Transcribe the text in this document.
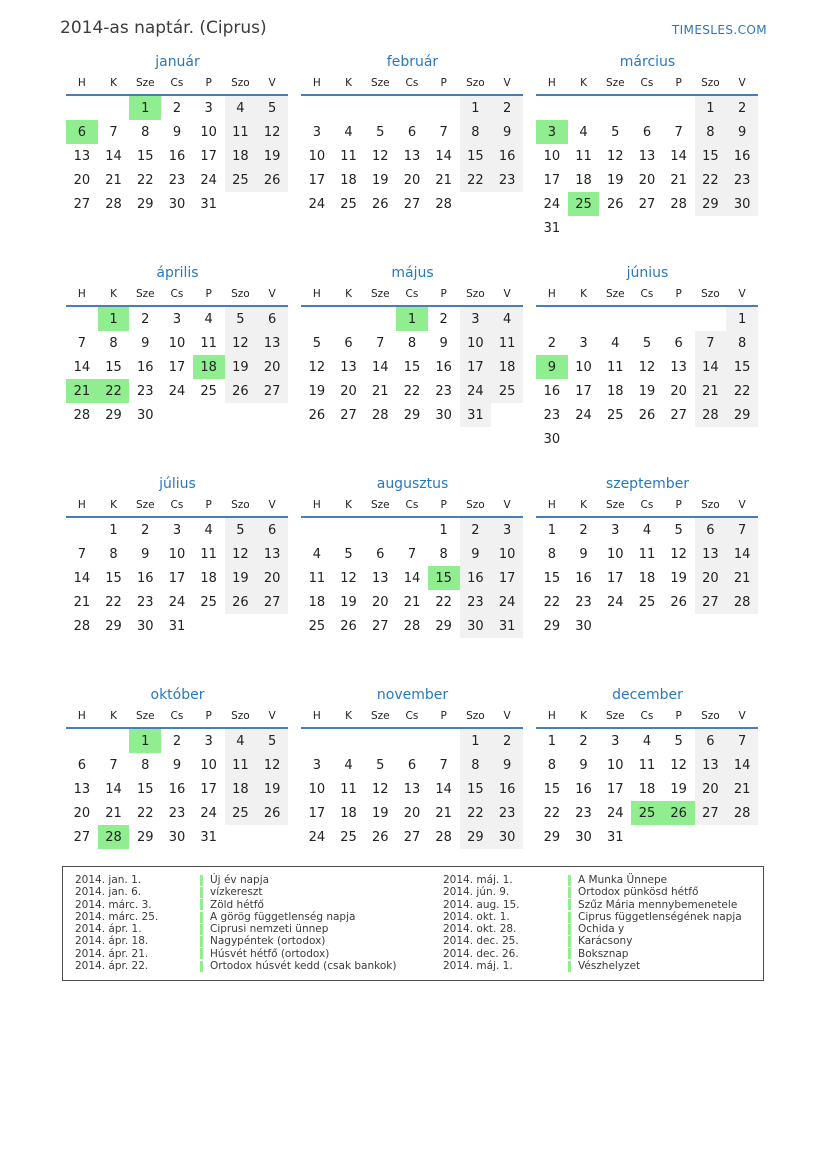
2014-as naptár. (Ciprus)	TIMESLES.COM
január
H	K	Sze	Cs	P	Szo	V
		1	2	3	4	5
6	7	8	9	10	11	12
13	14	15	16	17	18	19
20	21	22	23	24	25	26
27	28	29	30	31		
február
H	K	Sze	Cs	P	Szo	V
					1	2
3	4	5	6	7	8	9
10	11	12	13	14	15	16
17	18	19	20	21	22	23
24	25	26	27	28		
március
H	K	Sze	Cs	P	Szo	V
					1	2
3	4	5	6	7	8	9
10	11	12	13	14	15	16
17	18	19	20	21	22	23
24	25	26	27	28	29	30
31						
április
H	K	Sze	Cs	P	Szo	V
	1	2	3	4	5	6
7	8	9	10	11	12	13
14	15	16	17	18	19	20
21	22	23	24	25	26	27
28	29	30				
május
H	K	Sze	Cs	P	Szo	V
			1	2	3	4
5	6	7	8	9	10	11
12	13	14	15	16	17	18
19	20	21	22	23	24	25
26	27	28	29	30	31	
június
H	K	Sze	Cs	P	Szo	V
						1
2	3	4	5	6	7	8
9	10	11	12	13	14	15
16	17	18	19	20	21	22
23	24	25	26	27	28	29
30						
július
H	K	Sze	Cs	P	Szo	V
	1	2	3	4	5	6
7	8	9	10	11	12	13
14	15	16	17	18	19	20
21	22	23	24	25	26	27
28	29	30	31			
augusztus
H	K	Sze	Cs	P	Szo	V
				1	2	3
4	5	6	7	8	9	10
11	12	13	14	15	16	17
18	19	20	21	22	23	24
25	26	27	28	29	30	31
szeptember
H	K	Sze	Cs	P	Szo	V
1	2	3	4	5	6	7
8	9	10	11	12	13	14
15	16	17	18	19	20	21
22	23	24	25	26	27	28
29	30					
október
H	K	Sze	Cs	P	Szo	V
		1	2	3	4	5
6	7	8	9	10	11	12
13	14	15	16	17	18	19
20	21	22	23	24	25	26
27	28	29	30	31		
november
H	K	Sze	Cs	P	Szo	V
					1	2
3	4	5	6	7	8	9
10	11	12	13	14	15	16
17	18	19	20	21	22	23
24	25	26	27	28	29	30
december
H	K	Sze	Cs	P	Szo	V
1	2	3	4	5	6	7
8	9	10	11	12	13	14
15	16	17	18	19	20	21
22	23	24	25	26	27	28
29	30	31				
2014. jan. 1.	Új év napja
2014. jan. 6.	vízkereszt
2014. márc. 3.	Zöld hétfő
2014. márc. 25.	A görög függetlenség napja
2014. ápr. 1.	Ciprusi nemzeti ünnep
2014. ápr. 18.	Nagypéntek (ortodox)
2014. ápr. 21.	Húsvét hétfő (ortodox)
2014. ápr. 22.	Ortodox húsvét kedd (csak bankok)
2014. máj. 1.	A Munka Ünnepe
2014. jún. 9.	Ortodox pünkösd hétfő
2014. aug. 15.	Szűz Mária mennybemenetele
2014. okt. 1.	Ciprus függetlenségének napja
2014. okt. 28.	Ochida y
2014. dec. 25.	Karácsony
2014. dec. 26.	Boksznap
2014. máj. 1.	Vészhelyzet
